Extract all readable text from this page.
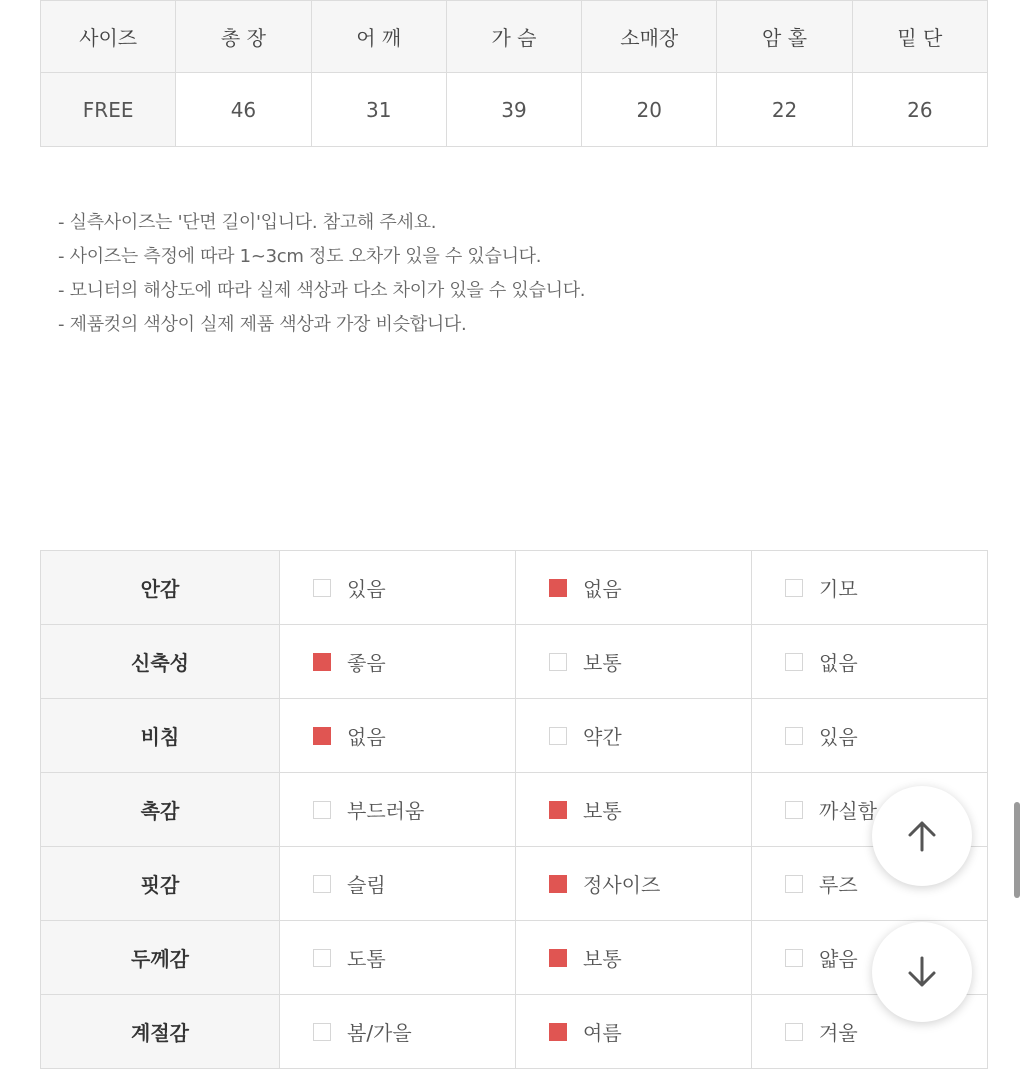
사이즈	총 장	어 깨	가 슴	소매장	암 홀	밑 단
FREE	46	31	39	20	22	26
- 실측사이즈는 '단면 길이'입니다. 참고해 주세요.
- 사이즈는 측정에 따라 1~3cm 정도 오차가 있을 수 있습니다.
- 모니터의 해상도에 따라 실제 색상과 다소 차이가 있을 수 있습니다.
- 제품컷의 색상이 실제 제품 색상과 가장 비슷합니다.
안감	있음	없음	기모
신축성	좋음	보통	없음
비침	없음	약간	있음
촉감	부드러움	보통	까실함
핏감	슬림	정사이즈	루즈
두께감	도톰	보통	얇음
계절감	봄/가을	여름	겨울
